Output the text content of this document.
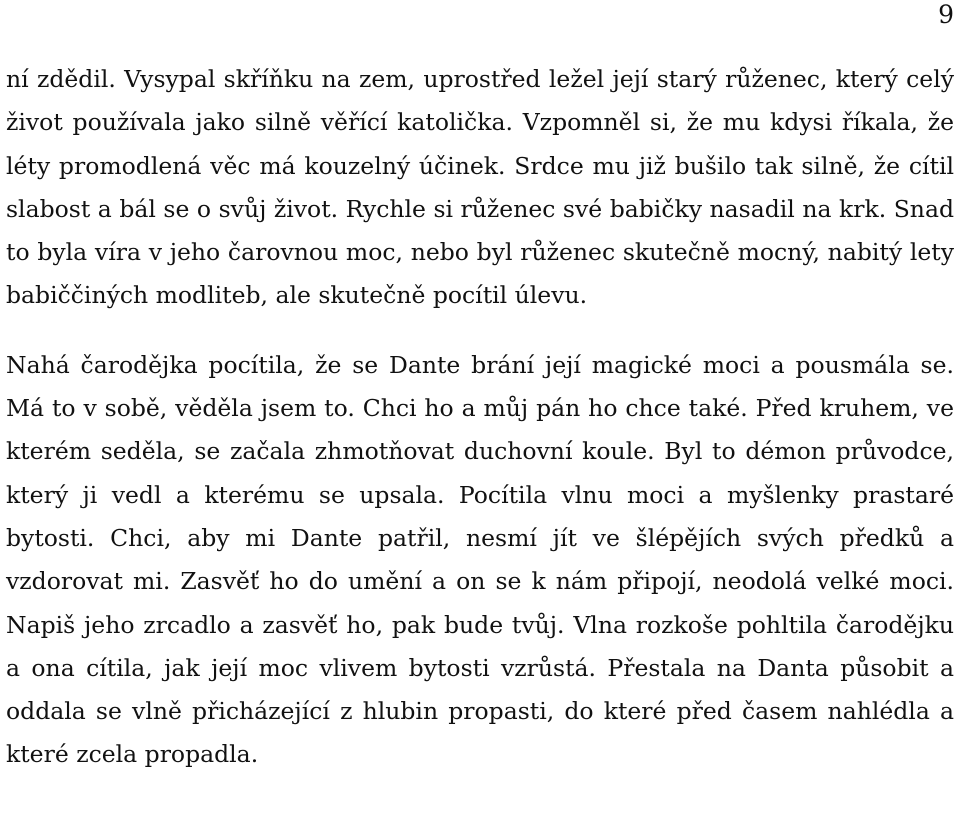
9

ní zdědil. Vysypal skříňku na zem, uprostřed ležel její starý růženec, který celý život používala jako silně věřící katolička. Vzpomněl si, že mu kdysi říkala, že léty promodlená věc má kouzelný účinek. Srdce mu již bušilo tak silně, že cítil slabost a bál se o svůj život. Rychle si růženec své babičky nasadil na krk. Snad to byla víra v jeho čarovnou moc, nebo byl růženec skutečně mocný, nabitý lety babiččiných modliteb, ale skutečně pocítil úlevu.

Nahá čarodějka pocítila, že se Dante brání její magické moci a pousmála se. Má to v sobě, věděla jsem to. Chci ho a můj pán ho chce také. Před kruhem, ve kterém seděla, se začala zhmotňovat duchovní koule. Byl to démon průvodce, který ji vedl a kterému se upsala. Pocítila vlnu moci a myšlenky prastaré bytosti. Chci, aby mi Dante patřil, nesmí jít ve šlépějích svých předků a vzdorovat mi. Zasvěť ho do umění a on se k nám připojí, neodolá velké moci. Napiš jeho zrcadlo a zasvěť ho, pak bude tvůj. Vlna rozkoše pohltila čarodějku a ona cítila, jak její moc vlivem bytosti vzrůstá. Přestala na Danta působit a oddala se vlně přicházející z hlubin propasti, do které před časem nahlédla a které zcela propadla.
